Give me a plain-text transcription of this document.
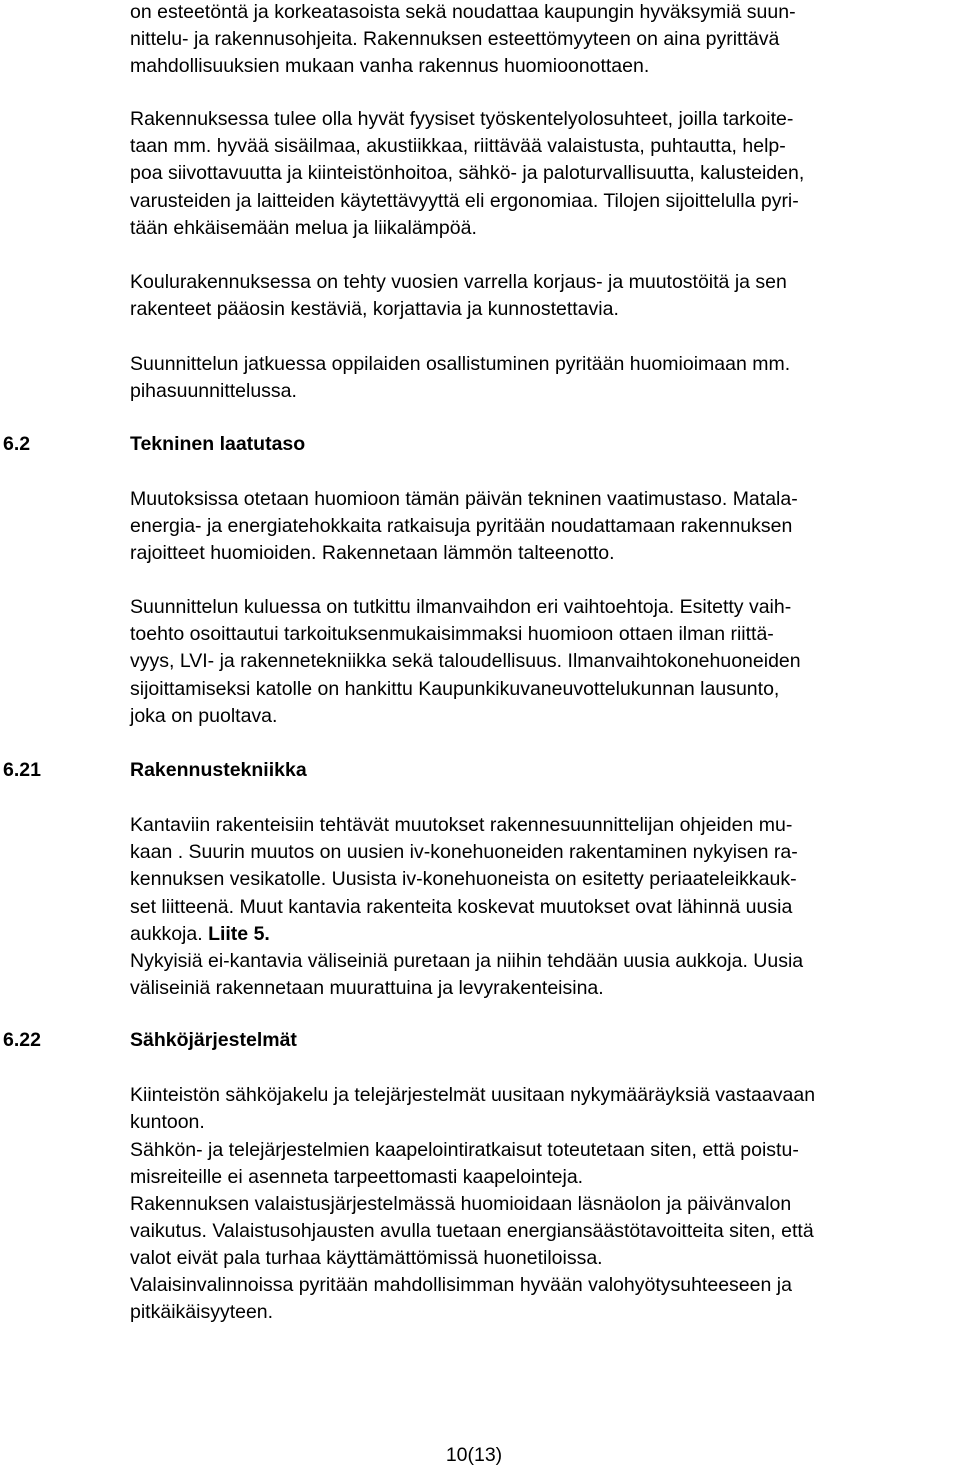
on esteetöntä ja korkeatasoista sekä noudattaa kaupungin hyväksymiä suun-
nittelu- ja rakennusohjeita. Rakennuksen esteettömyyteen on aina pyrittävä
mahdollisuuksien mukaan vanha rakennus huomioonottaen.
Rakennuksessa tulee olla hyvät fyysiset työskentelyolosuhteet, joilla tarkoite-
taan mm. hyvää sisäilmaa, akustiikkaa, riittävää valaistusta, puhtautta, help-
poa siivottavuutta ja kiinteistönhoitoa, sähkö- ja paloturvallisuutta, kalusteiden,
varusteiden ja laitteiden käytettävyyttä eli ergonomiaa. Tilojen sijoittelulla pyri-
tään ehkäisemään melua ja liikalämpöä.
Koulurakennuksessa on tehty vuosien varrella korjaus- ja muutostöitä ja sen
rakenteet pääosin kestäviä, korjattavia ja kunnostettavia.
Suunnittelun jatkuessa oppilaiden osallistuminen pyritään huomioimaan mm.
pihasuunnittelussa.
6.2	Tekninen laatutaso
Muutoksissa otetaan huomioon tämän päivän tekninen vaatimustaso. Matala-
energia- ja energiatehokkaita ratkaisuja pyritään noudattamaan rakennuksen
rajoitteet huomioiden. Rakennetaan lämmön talteenotto.
Suunnittelun kuluessa on tutkittu ilmanvaihdon eri vaihtoehtoja. Esitetty vaih-
toehto osoittautui tarkoituksenmukaisimmaksi huomioon ottaen ilman riittä-
vyys, LVI- ja rakennetekniikka sekä taloudellisuus. Ilmanvaihtokonehuoneiden
sijoittamiseksi katolle on hankittu Kaupunkikuvaneuvottelukunnan lausunto,
joka on puoltava.
6.21	Rakennustekniikka
Kantaviin rakenteisiin tehtävät muutokset rakennesuunnittelijan ohjeiden mu-
kaan . Suurin muutos on uusien iv-konehuoneiden rakentaminen nykyisen ra-
kennuksen vesikatolle. Uusista iv-konehuoneista on esitetty periaateleikkauk-
set liitteenä. Muut kantavia rakenteita koskevat muutokset ovat lähinnä uusia
aukkoja. Liite 5.
Nykyisiä ei-kantavia väliseiniä puretaan ja niihin tehdään uusia aukkoja. Uusia
väliseiniä rakennetaan muurattuina ja levyrakenteisina.
6.22	Sähköjärjestelmät
Kiinteistön sähköjakelu ja telejärjestelmät uusitaan nykymääräyksiä vastaavaan
kuntoon.
Sähkön- ja telejärjestelmien kaapelointiratkaisut toteutetaan siten, että poistu-
misreiteille ei asenneta tarpeettomasti kaapelointeja.
Rakennuksen valaistusjärjestelmässä huomioidaan läsnäolon ja päivänvalon
vaikutus. Valaistusohjausten avulla tuetaan energiansäästötavoitteita siten, että
valot eivät pala turhaa käyttämättömissä huonetiloissa.
Valaisinvalinnoissa pyritään mahdollisimman hyvään valohyötysuhteeseen ja
pitkäikäisyyteen.
10(13)
